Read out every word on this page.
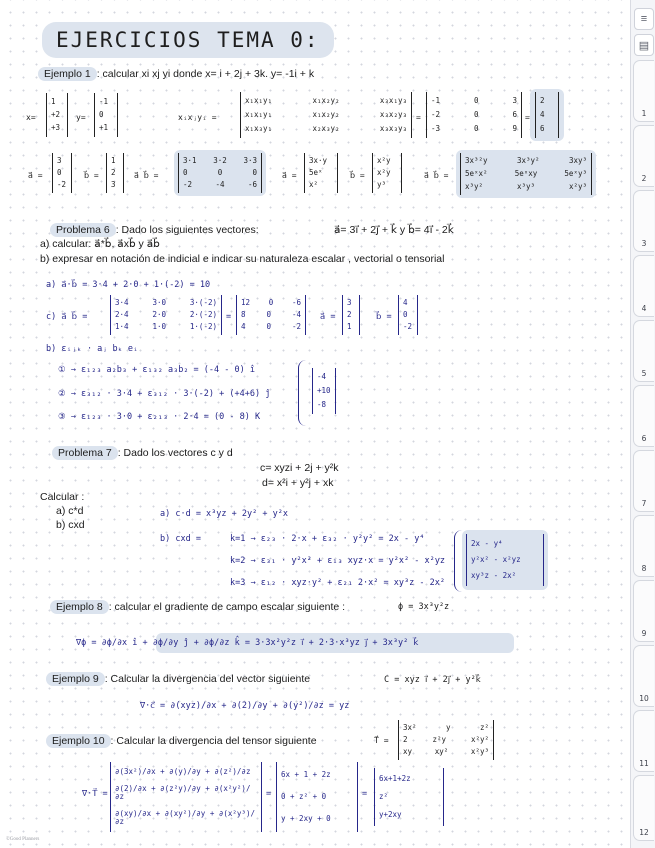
EJERCICIOS TEMA 0:
Ejemplo 1 : calcular xi xj yi donde x= i + 2j + 3k. y= -1i + k
x=
1
+2
+3
y=
-1
0
+1
xᵢxⱼyᵢ =
x₁x₁y₁	x₁x₂y₂	x₃x₁y₃
x₁x₁y₁	x₁x₂y₂	x₃x₂y₃
x₁x₃y₁	x₂x₃y₂	x₃x₃y₃
=
-1	0	3
-2	0	6
-3	0	9
=
2
4
6
a⃗ =
3
0
-2
b⃗ =
1
2
3
a⃗ b⃗ =
3·1 3·2 3·3
0	0	0
-2	-4	-6
a⃗ =
3x·y
5eˣ
x²
b⃗ =
x²y
x²y
y³
a⃗ b⃗ =
3x³²y	3x³y²	3xy³
5eˣx²	5eˣxy	5eˣy³
x³y²	x³y³	x²y³
Problema 6 : Dado los siguientes vectores:	a⃗= 3i⃗ + 2j⃗ + k⃗ y b⃗= 4i⃗ - 2k⃗
a) calcular: a⃗*b⃗, a⃗xb⃗ y a⃗b⃗
b) expresar en notación de indicial e indicar su naturaleza escalar , vectorial o tensorial
a) a⃗·b⃗ = 3·4 + 2·0 + 1·(-2) = 10
c) a⃗ b⃗ =
3·4	3·0	3·(-2)
2·4	2·0	2·(-2)
1·4	1·0	1·(-2)
=
12 0 -6
8	0	-4
4	0	-2
a⃗ =
3
2
1
b⃗ =
4
0
-2
b) εᵢⱼₖ · aⱼ bₖ eᵢ
① → ε₁₂₃ a₂b₃ + ε₁₃₂ a₃b₂ = (-4 - 0) î
② → ε₃₁₂ · 3·4 + ε₃₁₂ · 3·(-2) + (+4+6) ĵ
③ → ε₁₂₃ · 3·0 + ε₂₁₃ · 2·4 = (0 - 8) K
-4
+10
-8
Problema 7 : Dado los vectores c y d
c= xyzi + 2j + y²k
d= x²i + y²j + xk
Calcular :
a) c*d
b) cxd
a) c·d = x³yz + 2y² + y²x
b) cxd =	k=1 → ε₂₃ · 2·x + ε₃₂ · y²y² = 2x - y⁴
k=2 → ε₃₁ · y²x² + ε₁₃ xyz·x = y²x² - x²yz
k=3 → ε₁₂ · xyz·y² + ε₂₁ 2·x² = xy³z - 2x²
2x - y⁴
y²x² - x²yz
xy³z - 2x²
Ejemplo 8 : calcular el gradiente de campo escalar siguiente :	ϕ = 3x³y²z
∇ϕ = ∂ϕ/∂x î + ∂ϕ/∂y ĵ + ∂ϕ/∂z k̂ = 3·3x²y²z i⃗ + 2·3·x³yz j⃗ + 3x³y² k⃗
Ejemplo 9 : Calcular la divergencia del vector siguiente	C = xyz i⃗ + 2j⃗ + y²k⃗
∇·c⃗ = ∂(xyz)/∂x + ∂(2)/∂y + ∂(y²)/∂z = yz
Ejemplo 10 : Calcular la divergencia del tensor siguiente	T⃗ =
3x²	y	z²
2	z²y	x²y²
xy	xy²	x²y³
∇·T⃗ =
∂(3x²)/∂x + ∂(y)/∂y + ∂(z²)/∂z
∂(2)/∂x + ∂(z²y)/∂y + ∂(x²y²)/∂z
∂(xy)/∂x + ∂(xy²)/∂y + ∂(x²y³)/∂z
=
6x + 1 + 2z
0 + z² + 0
y + 2xy + 0
=
6x+1+2z
z²
y+2xy
©Good Planners
≡
▤
1
2
3
4
5
6
7
8
9
10
11
12
